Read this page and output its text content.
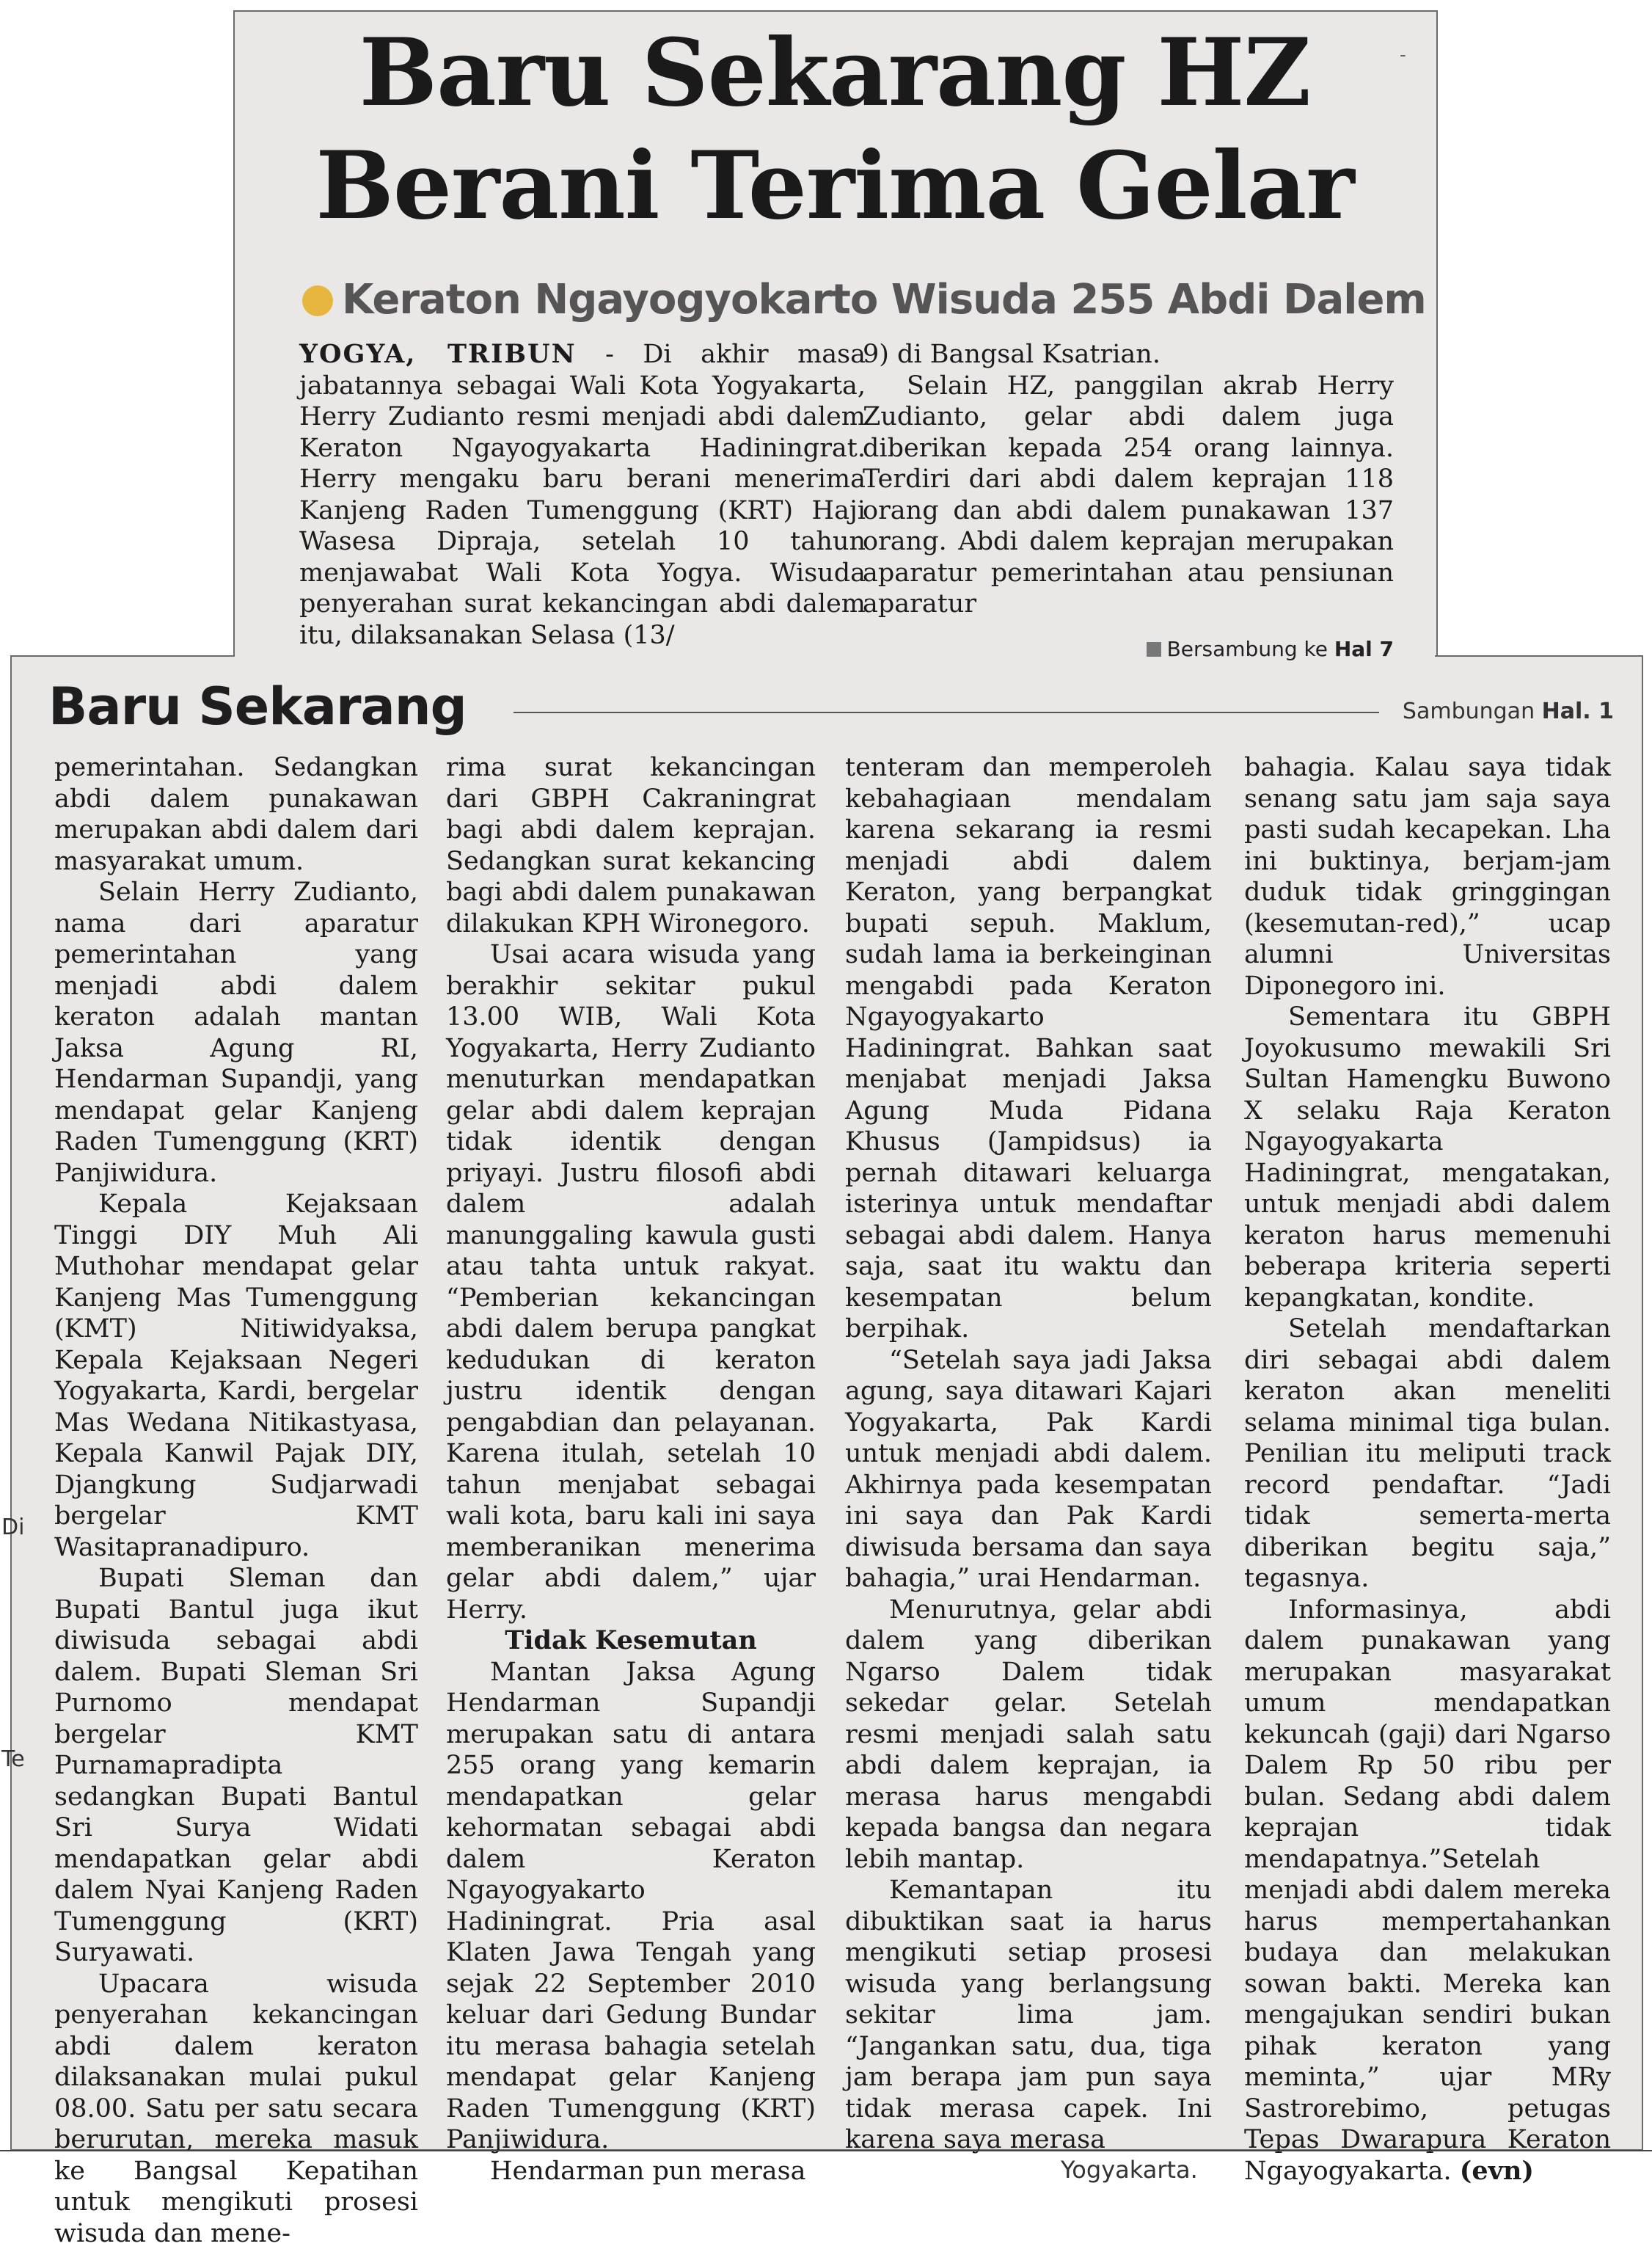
-
Baru Sekarang HZ
Berani Terima Gelar
Keraton Ngayogyokarto Wisuda 255 Abdi Dalem

YOGYA, TRIBUN - Di akhir masa jabatannya sebagai Wali Kota Yogyakarta, Herry Zudianto resmi menjadi abdi dalem Keraton Ngayogyakarta Hadiningrat. Herry mengaku baru berani menerima Kanjeng Raden Tumenggung (KRT) Haji Wasesa Dipraja, setelah 10 tahun menjawabat Wali Kota Yogya. Wisuda penyerahan surat kekancingan abdi dalem itu, dilaksanakan Selasa (13/

9) di Bangsal Ksatrian.

Selain HZ, panggilan akrab Herry Zudianto, gelar abdi dalem juga diberikan kepada 254 orang lainnya. Terdiri dari abdi dalem keprajan 118 orang dan abdi dalem punakawan 137 orang. Abdi dalem keprajan merupakan aparatur pemerintahan atau pensiunan aparatur

Bersambung ke Hal 7
Baru Sekarang	Sambungan Hal. 1

pemerintahan. Sedangkan abdi dalem punakawan merupakan abdi dalem dari masyarakat umum.

Selain Herry Zudianto, nama dari aparatur pemerintahan yang menjadi abdi dalem keraton adalah mantan Jaksa Agung RI, Hendarman Supandji, yang mendapat gelar Kanjeng Raden Tumenggung (KRT) Panjiwidura.

Kepala Kejaksaan Tinggi DIY Muh Ali Muthohar mendapat gelar Kanjeng Mas Tumenggung (KMT) Nitiwidyaksa, Kepala Kejaksaan Negeri Yogyakarta, Kardi, bergelar Mas Wedana Nitikastyasa, Kepala Kanwil Pajak DIY, Djangkung Sudjarwadi bergelar KMT Wasitapranadipuro.

Bupati Sleman dan Bupati Bantul juga ikut diwisuda sebagai abdi dalem. Bupati Sleman Sri Purnomo mendapat bergelar KMT Purnamapradipta sedangkan Bupati Bantul Sri Surya Widati mendapatkan gelar abdi dalem Nyai Kanjeng Raden Tumenggung (KRT) Suryawati.

Upacara wisuda penyerahan kekancingan abdi dalem keraton dilaksanakan mulai pukul 08.00. Satu per satu secara berurutan, mereka masuk ke Bangsal Kepatihan untuk mengikuti prosesi wisuda dan mene-

rima surat kekancingan dari GBPH Cakraningrat bagi abdi dalem keprajan. Sedangkan surat kekancing bagi abdi dalem punakawan dilakukan KPH Wironegoro.

Usai acara wisuda yang berakhir sekitar pukul 13.00 WIB, Wali Kota Yogyakarta, Herry Zudianto menuturkan mendapatkan gelar abdi dalem keprajan tidak identik dengan priyayi. Justru filosofi abdi dalem adalah manunggaling kawula gusti atau tahta untuk rakyat. “Pemberian kekancingan abdi dalem berupa pangkat kedudukan di keraton justru identik dengan pengabdian dan pelayanan. Karena itulah, setelah 10 tahun menjabat sebagai wali kota, baru kali ini saya memberanikan menerima gelar abdi dalem,” ujar Herry.

Tidak Kesemutan

Mantan Jaksa Agung Hendarman Supandji merupakan satu di antara 255 orang yang kemarin mendapatkan gelar kehormatan sebagai abdi dalem Keraton Ngayogyakarto Hadiningrat. Pria asal Klaten Jawa Tengah yang sejak 22 September 2010 keluar dari Gedung Bundar itu merasa bahagia setelah mendapat gelar Kanjeng Raden Tumenggung (KRT) Panjiwidura.

Hendarman pun merasa

tenteram dan memperoleh kebahagiaan mendalam karena sekarang ia resmi menjadi abdi dalem Keraton, yang berpangkat bupati sepuh. Maklum, sudah lama ia berkeinginan mengabdi pada Keraton Ngayogyakarto Hadiningrat. Bahkan saat menjabat menjadi Jaksa Agung Muda Pidana Khusus (Jampidsus) ia pernah ditawari keluarga isterinya untuk mendaftar sebagai abdi dalem. Hanya saja, saat itu waktu dan kesempatan belum berpihak.

“Setelah saya jadi Jaksa agung, saya ditawari Kajari Yogyakarta, Pak Kardi untuk menjadi abdi dalem. Akhirnya pada kesempatan ini saya dan Pak Kardi diwisuda bersama dan saya bahagia,” urai Hendarman.

Menurutnya, gelar abdi dalem yang diberikan Ngarso Dalem tidak sekedar gelar. Setelah resmi menjadi salah satu abdi dalem keprajan, ia merasa harus mengabdi kepada bangsa dan negara lebih mantap.

Kemantapan itu dibuktikan saat ia harus mengikuti setiap prosesi wisuda yang berlangsung sekitar lima jam. “Jangankan satu, dua, tiga jam berapa jam pun saya tidak merasa capek. Ini karena saya merasa

bahagia. Kalau saya tidak senang satu jam saja saya pasti sudah kecapekan. Lha ini buktinya, berjam-jam duduk tidak gringgingan (kesemutan-red),” ucap alumni Universitas Diponegoro ini.

Sementara itu GBPH Joyokusumo mewakili Sri Sultan Hamengku Buwono X selaku Raja Keraton Ngayogyakarta Hadiningrat, mengatakan, untuk menjadi abdi dalem keraton harus memenuhi beberapa kriteria seperti kepangkatan, kondite.

Setelah mendaftarkan diri sebagai abdi dalem keraton akan meneliti selama minimal tiga bulan. Penilian itu meliputi track record pendaftar. “Jadi tidak semerta-merta diberikan begitu saja,” tegasnya.

Informasinya, abdi dalem punakawan yang merupakan masyarakat umum mendapatkan kekuncah (gaji) dari Ngarso Dalem Rp 50 ribu per bulan. Sedang abdi dalem keprajan tidak mendapatnya.”Setelah menjadi abdi dalem mereka harus mempertahankan budaya dan melakukan sowan bakti. Mereka kan mengajukan sendiri bukan pihak keraton yang meminta,” ujar MRy Sastrorebimo, petugas Tepas Dwarapura Keraton Ngayogyakarta. (evn)

Di
Te
Yogyakarta.
